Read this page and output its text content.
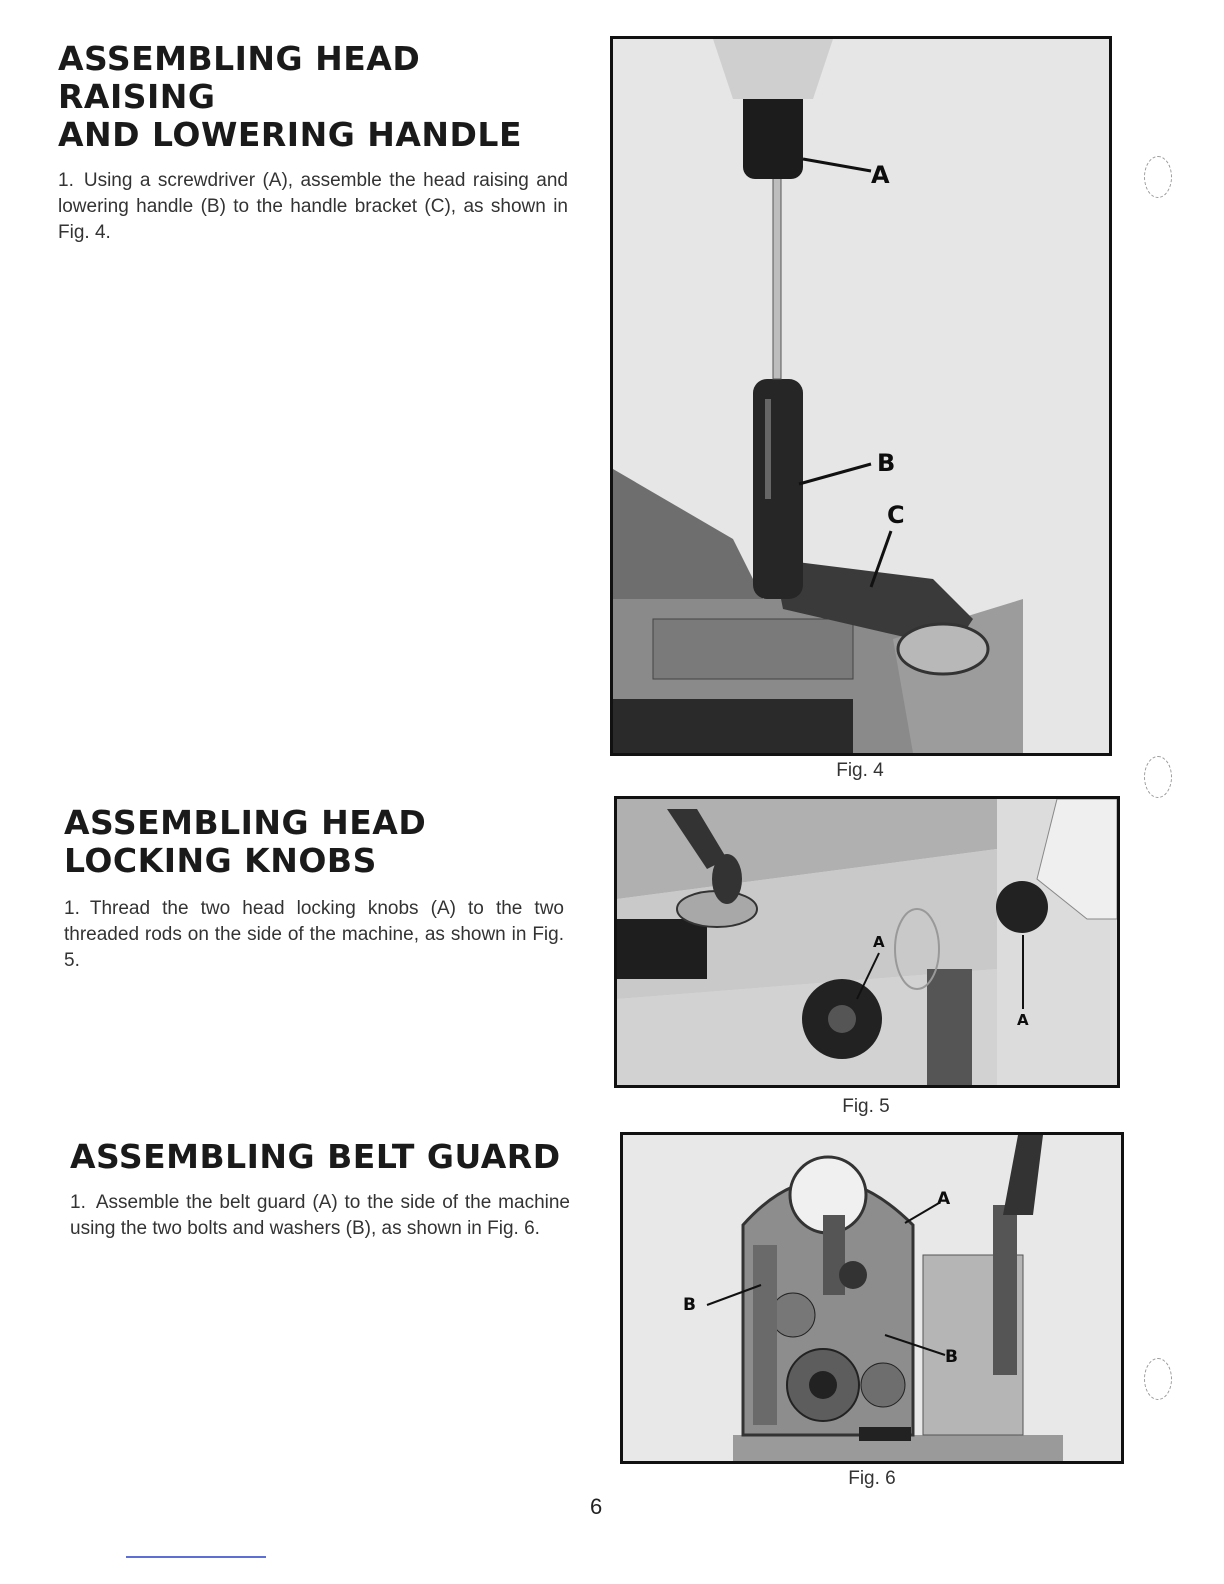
ASSEMBLING HEAD RAISING
AND LOWERING HANDLE

1. Using a screwdriver (A), assemble the head raising and lowering handle (B) to the handle bracket (C), as shown in Fig. 4.

A
B
C
Fig. 4
ASSEMBLING HEAD
LOCKING KNOBS

1. Thread the two head locking knobs (A) to the two threaded rods on the side of the machine, as shown in Fig. 5.

A
A
Fig. 5
ASSEMBLING BELT GUARD

1. Assemble the belt guard (A) to the side of the machine using the two bolts and washers (B), as shown in Fig. 6.

A
B
B
Fig. 6
6
